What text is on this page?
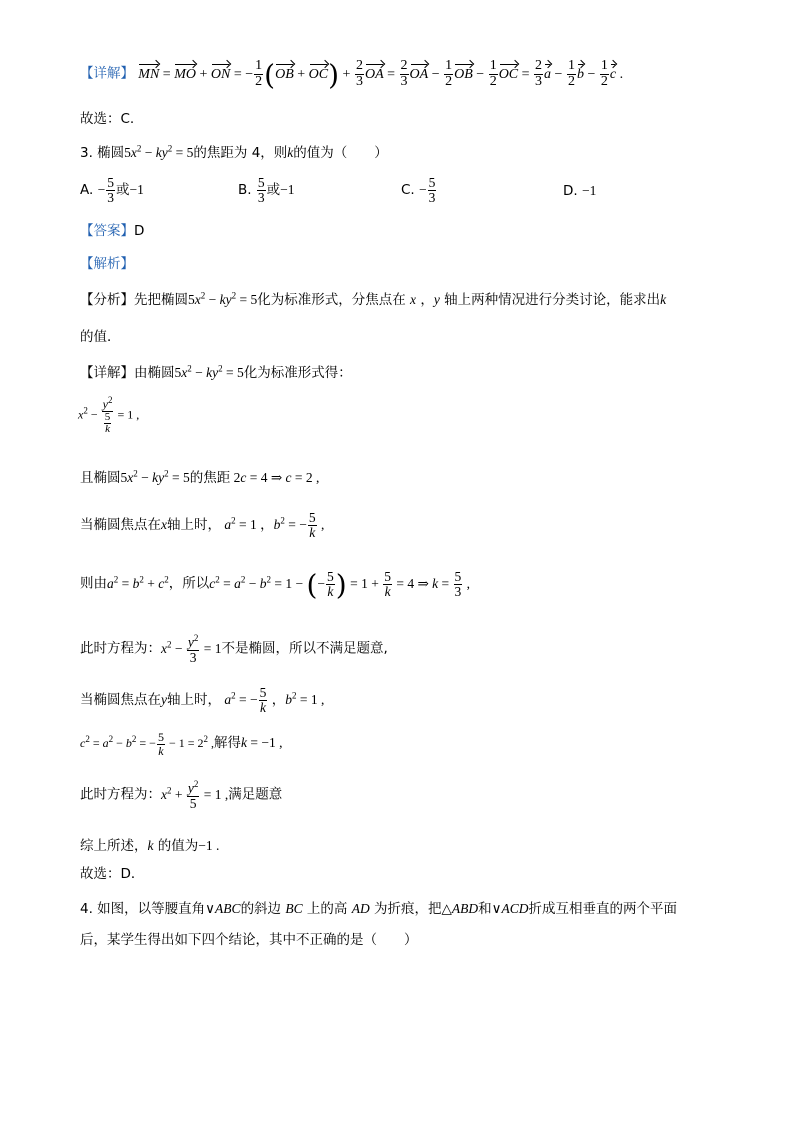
【详解】 MN = MO + ON = − $\frac{1}{2} (OB + OC) + \frac{2}{3}$ OA = $\frac{2}{3}$ OA − $\frac{1}{2}$ OB − $\frac{1}{2}$ OC = $\frac{2}{3}$ $a - \frac{1}{2}$ $b - \frac{1}{2}$ c .
故选：C.
3. 椭圆$5x^2 - ky^2 = 5$的焦距为 4，则k的值为（　　）
A. − $\frac{5}{3}$ 或−1	B. $\frac{5}{3}$ 或−1	C. − $\frac{5}{3}$	D. −1
【答案】D
【解析】
【分析】先把椭圆$5x^2 - ky^2 = 5$化为标准形式，分焦点在 x ，y 轴上两种情况进行分类讨论，能求出k
的值．
【详解】由椭圆$5x^2 - ky^2 = 5$化为标准形式得：
$x^2 - \frac{y^2}{\frac{5}{k}} = 1$ ,
且椭圆$5x^2 - ky^2 = 5$的焦距 2c = 4 ⇒ c = 2 ,
当椭圆焦点在x轴上时， $a^2 = 1$ ，$b^2$ = − $\frac{5}{k}$ ,
则由$a^2 = b^2 + c^2$，所以$c^2 = a^2 - b^2 = 1$ − (− $\frac{5}{k}$ ) = $1 + \frac{5}{k} = 4$ ⇒ $k = \frac{5}{3}$ ,
此时方程为：$x^2 - \frac{y^2}{3} = 1$不是椭圆，所以不满足题意,
当椭圆焦点在y轴上时， $a^2$ = − $\frac{5}{k}$ ，$b^2 = 1$ ,
$c^2 = a^2 - b^2$ = − $\frac{5}{k} - 1 = 2^2$ ,解得k = −1 ,
此时方程为：$x^2 + \frac{y^2}{5} = 1$ ,满足题意
综上所述，k 的值为−1 .
故选：D．
4. 如图，以等腰直角∨ABC的斜边 BC 上的高 AD 为折痕，把△ABD和∨ACD折成互相垂直的两个平面
后，某学生得出如下四个结论，其中不正确的是（　　）
